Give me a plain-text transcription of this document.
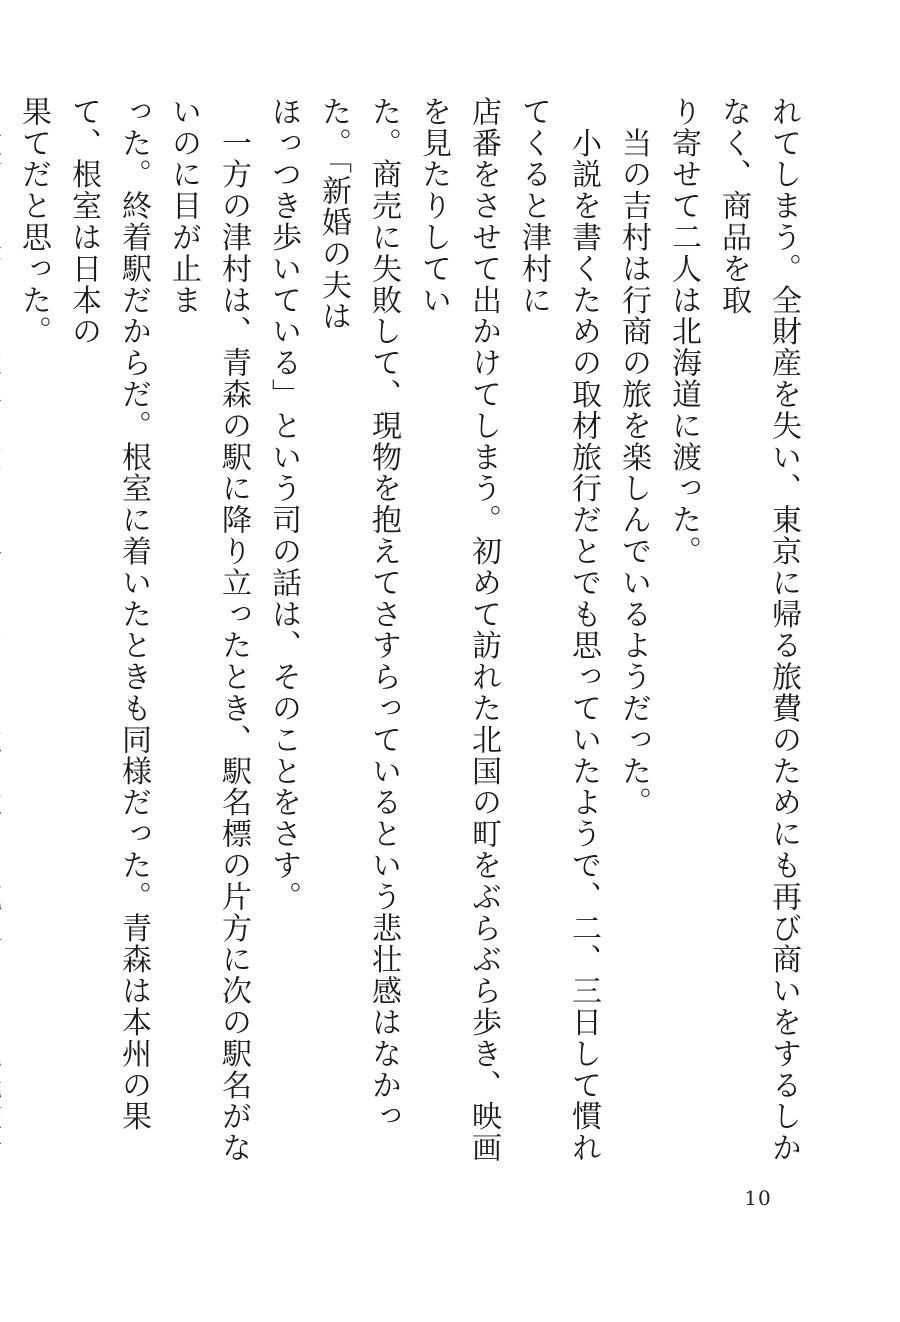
れてしまう。全財産を失い、東京に帰る旅費のためにも再び商いをするしかなく、商品を取
り寄せて二人は北海道に渡った。
　当の吉村は行商の旅を楽しんでいるようだった。
　小説を書くための取材旅行だとでも思っていたようで、二、三日して慣れてくると津村に
店番をさせて出かけてしまう。初めて訪れた北国の町をぶらぶら歩き、映画を見たりしてい
た。商売に失敗して、現物を抱えてさすらっているという悲壮感はなかった。「新婚の夫は
ほっつき歩いている」という司の話は、そのことをさす。
　一方の津村は、青森の駅に降り立ったとき、駅名標の片方に次の駅名がないのに目が止ま
った。終着駅だからだ。根室に着いたときも同様だった。青森は本州の果て、根室は日本の
果てだと思った。
10
